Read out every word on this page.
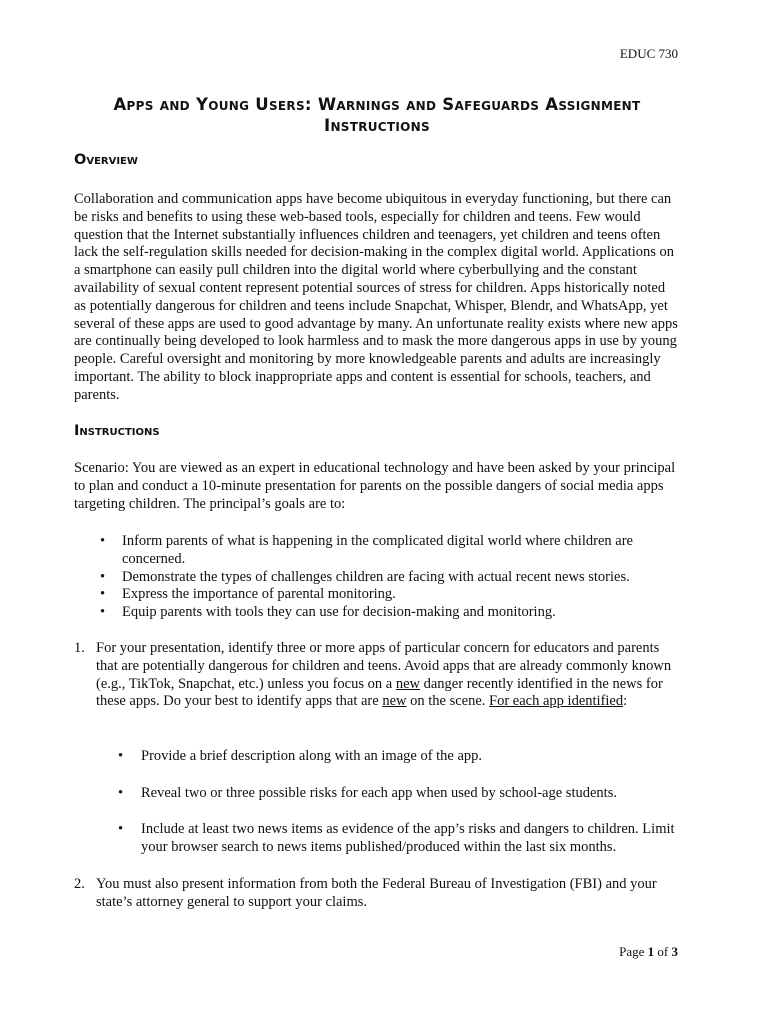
EDUC 730
Apps and Young Users: Warnings and Safeguards Assignment
Instructions
Overview

Collaboration and communication apps have become ubiquitous in everyday functioning, but there can be risks and benefits to using these web-based tools, especially for children and teens. Few would question that the Internet substantially influences children and teenagers, yet children and teens often lack the self-regulation skills needed for decision-making in the complex digital world. Applications on a smartphone can easily pull children into the digital world where cyberbullying and the constant availability of sexual content represent potential sources of stress for children. Apps historically noted as potentially dangerous for children and teens include Snapchat, Whisper, Blendr, and WhatsApp, yet several of these apps are used to good advantage by many. An unfortunate reality exists where new apps are continually being developed to look harmless and to mask the more dangerous apps in use by young people. Careful oversight and monitoring by more knowledgeable parents and adults are increasingly important. The ability to block inappropriate apps and content is essential for schools, teachers, and parents.

Instructions

Scenario: You are viewed as an expert in educational technology and have been asked by your principal to plan and conduct a 10-minute presentation for parents on the possible dangers of social media apps targeting children. The principal’s goals are to:

• Inform parents of what is happening in the complicated digital world where children are concerned.
• Demonstrate the types of challenges children are facing with actual recent news stories.
• Express the importance of parental monitoring.
• Equip parents with tools they can use for decision-making and monitoring.
1. For your presentation, identify three or more apps of particular concern for educators and parents that are potentially dangerous for children and teens. Avoid apps that are already commonly known (e.g., TikTok, Snapchat, etc.) unless you focus on a new danger recently identified in the news for these apps. Do your best to identify apps that are new on the scene. For each app identified:
• Provide a brief description along with an image of the app.
• Reveal two or three possible risks for each app when used by school-age students.
• Include at least two news items as evidence of the app’s risks and dangers to children. Limit your browser search to news items published/produced within the last six months.
2. You must also present information from both the Federal Bureau of Investigation (FBI) and your state’s attorney general to support your claims.
Page 1 of 3
